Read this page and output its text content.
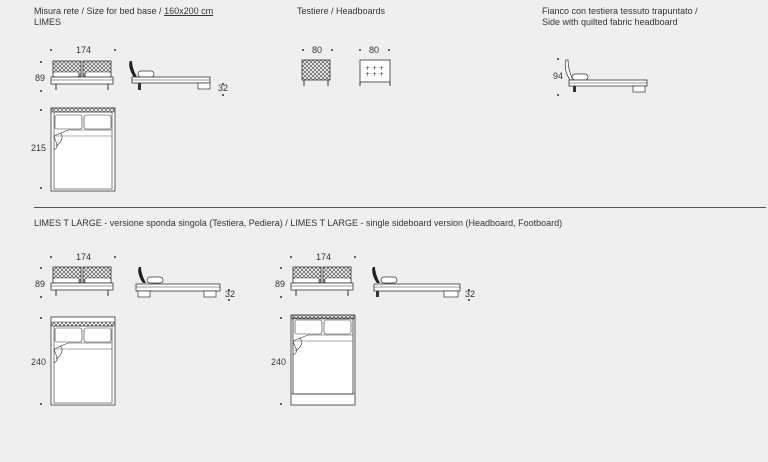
Misura rete / Size for bed base / 160x200 cm
LIMES
Testiere / Headboards	Fianco con testiera tessuto trapuntato /
Side with quilted fabric headboard
174
89
32
215
80	80
+ + +
+ + +	94
LIMES T LARGE - versione sponda singola (Testiera, Pediera) / LIMES T LARGE - single sideboard version (Headboard, Footboard)
174
89
32
240
174
89
32
240
